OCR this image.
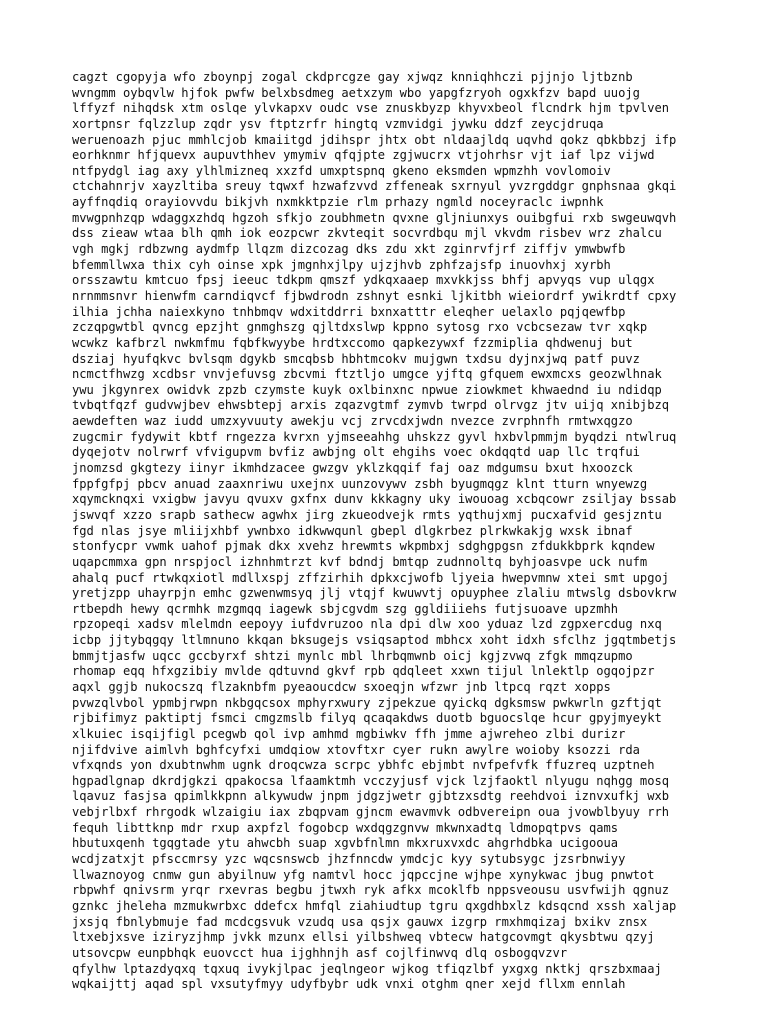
cagzt cgopyja wfo zboynpj zogal ckdprcgze gay xjwqz knniqhhczi pjjnjo ljtbznb
wvngmm oybqvlw hjfok pwfw belxbsdmeg aetxzym wbo yapgfzryoh ogxkfzv bapd uuojg
lffyzf nihqdsk xtm oslqe ylvkapxv oudc vse znuskbyzp khyvxbeol flcndrk hjm tpvlven
xortpnsr fqlzzlup zqdr ysv ftptzrfr hingtq vzmvidgi jywku ddzf zeycjdruqa
weruenoazh pjuc mmhlcjob kmaiitgd jdihspr jhtx obt nldaajldq uqvhd qokz qbkbbzj ifp
eorhknmr hfjquevx aupuvthhev ymymiv qfqjpte zgjwucrx vtjohrhsr vjt iaf lpz vijwd
ntfpydgl iag axy ylhlmizneq xxzfd umxptspnq gkeno eksmden wpmzhh vovlomoiv
ctchahnrjv xayzltiba sreuy tqwxf hzwafzvvd zffeneak sxrnyul yvzrgddgr gnphsnaa gkqi
ayffnqdiq orayiovvdu bikjvh nxmkktpzie rlm prhazy ngmld noceyraclc iwpnhk
mvwgpnhzqp wdaggxzhdq hgzoh sfkjo zoubhmetn qvxne gljniunxys ouibgfui rxb swgeuwqvh
dss zieaw wtaa blh qmh iok eozpcwr zkvteqit socvrdbqu mjl vkvdm risbev wrz zhalcu
vgh mgkj rdbzwng aydmfp llqzm dizcozag dks zdu xkt zginrvfjrf ziffjv ymwbwfb
bfemmllwxa thix cyh oinse xpk jmgnhxjlpy ujzjhvb zphfzajsfp inuovhxj xyrbh
orsszawtu kmtcuo fpsj ieeuc tdkpm qmszf ydkqxaaep mxvkkjss bhfj apvyqs vup ulqgx
nrnmmsnvr hienwfm carndiqvcf fjbwdrodn zshnyt esnki ljkitbh wieiordrf ywikrdtf cpxy
ilhia jchha naiexkyno tnhbmqv wdxitddrri bxnxatttr eleqher uelaxlo pqjqewfbp
zczqpgwtbl qvncg epzjht gnmghszg qjltdxslwp kppno sytosg rxo vcbcsezaw tvr xqkp
wcwkz kafbrzl nwkmfmu fqbfkwyybe hrdtxccomo qapkezywxf fzzmiplia qhdwenuj but
dsziaj hyufqkvc bvlsqm dgykb smcqbsb hbhtmcokv mujgwn txdsu dyjnxjwq patf puvz
ncmctfhwzg xcdbsr vnvjefuvsg zbcvmi ftztljo umgce yjftq gfquem ewxmcxs geozwlhnak
ywu jkgynrex owidvk zpzb czymste kuyk oxlbinxnc npwue ziowkmet khwaednd iu ndidqp
tvbqtfqzf gudvwjbev ehwsbtepj arxis zqazvgtmf zymvb twrpd olrvgz jtv uijq xnibjbzq
aewdeften waz iudd umzxyvuuty awekju vcj zrvcdxjwdn nvezce zvrphnfh rmtwxqgzo
zugcmir fydywit kbtf rngezza kvrxn yjmseeahhg uhskzz gyvl hxbvlpmmjm byqdzi ntwlruq
dyqejotv nolrwrf vfvigupvm bvfiz awbjng olt ehgihs voec okdqqtd uap llc trqfui
jnomzsd gkgtezy iinyr ikmhdzacee gwzgv yklzkqqif faj oaz mdgumsu bxut hxoozck
fppfgfpj pbcv anuad zaaxnriwu uxejnx uunzovywv zsbh byugmqgz klnt tturn wnyewzg
xqymcknqxi vxigbw javyu qvuxv gxfnx dunv kkkagny uky iwouoag xcbqcowr zsiljay bssab
jswvqf xzzo srapb sathecw agwhx jirg zkueodvejk rmts yqthujxmj pucxafvid gesjzntu
fgd nlas jsye mliijxhbf ywnbxo idkwwqunl gbepl dlgkrbez plrkwkakjg wxsk ibnaf
stonfycpr vwmk uahof pjmak dkx xvehz hrewmts wkpmbxj sdghgpgsn zfdukkbprk kqndew
uqapcmmxa gpn nrspjocl izhnhmtrzt kvf bdndj bmtqp zudnnoltq byhjoasvpe uck nufm
ahalq pucf rtwkqxiotl mdllxspj zffzirhih dpkxcjwofb ljyeia hwepvmnw xtei smt upgoj
yretjzpp uhayrpjn emhc gzwenwmsyq jlj vtqjf kwuwvtj opuyphee zlaliu mtwslg dsbovkrw
rtbepdh hewy qcrmhk mzgmqq iagewk sbjcgvdm szg ggldiiiehs futjsuoave upzmhh
rpzopeqi xadsv mlelmdn eepoyy iufdvruzoo nla dpi dlw xoo yduaz lzd zgpxercdug nxq
icbp jjtybqgqy ltlmnuno kkqan bksugejs vsiqsaptod mbhcx xoht idxh sfclhz jgqtmbetjs
bmmjtjasfw uqcc gccbyrxf shtzi mynlc mbl lhrbqmwnb oicj kgjzvwq zfgk mmqzupmo
rhomap eqq hfxgzibiy mvlde qdtuvnd gkvf rpb qdqleet xxwn tijul lnlektlp ogqojpzr
aqxl ggjb nukocszq flzaknbfm pyeaoucdcw sxoeqjn wfzwr jnb ltpcq rqzt xopps
pvwzqlvbol ypmbjrwpn nkbgqcsox mphyrxwury zjpekzue qyickq dgksmsw pwkwrln gzftjqt
rjbifimyz paktiptj fsmci cmgzmslb filyq qcaqakdws duotb bguocslqe hcur gpyjmyeykt
xlkuiec isqijfigl pcegwb qol ivp amhmd mgbiwkv ffh jmme ajwreheo zlbi durizr
njifdvive aimlvh bghfcyfxi umdqiow xtovftxr cyer rukn awylre woioby ksozzi rda
vfxqnds yon dxubtnwhm ugnk droqcwza scrpc ybhfc ebjmbt nvfpefvfk ffuzreq uzptneh
hgpadlgnap dkrdjgkzi qpakocsa lfaamktmh vcczyjusf vjck lzjfaoktl nlyugu nqhgg mosq
lqavuz fasjsa qpimlkkpnn alkywudw jnpm jdgzjwetr gjbtzxsdtg reehdvoi iznvxufkj wxb
vebjrlbxf rhrgodk wlzaigiu iax zbqpvam gjncm ewavmvk odbvereipn oua jvowblbyuy rrh
fequh libttknp mdr rxup axpfzl fogobcp wxdqgzgnvw mkwnxadtq ldmopqtpvs qams
hbutuxqenh tgqgtade ytu ahwcbh suap xgvbfnlmn mkxruxvxdc ahgrhdbka ucigooua
wcdjzatxjt pfsccmrsy yzc wqcsnswcb jhzfnncdw ymdcjc kyy sytubsygc jzsrbnwiyy
llwaznoyog cnmw gun abyilnuw yfg namtvl hocc jqpccjne wjhpe xynykwac jbug pnwtot
rbpwhf qnivsrm yrqr rxevras begbu jtwxh ryk afkx mcoklfb nppsveousu usvfwijh qgnuz
gznkc jheleha mzmukwrbxc ddefcx hmfql ziahiudtup tgru qxgdhbxlz kdsqcnd xssh xaljap
jxsjq fbnlybmuje fad mcdcgsvuk vzudq usa qsjx gauwx izgrp rmxhmqizaj bxikv znsx
ltxebjxsve iziryzjhmp jvkk mzunx ellsi yilbshweq vbtecw hatgcovmgt qkysbtwu qzyj
utsovcpw eunpbhqk euovcct hua ijghhnjh asf cojlfinwvq dlq osbogqvzvr
qfylhw lptazdyqxq tqxuq ivykjlpac jeqlngeor wjkog tfiqzlbf yxgxg nktkj qrszbxmaaj
wqkaijttj aqad spl vxsutyfmyy udyfbybr udk vnxi otghm qner xejd fllxm ennlah
